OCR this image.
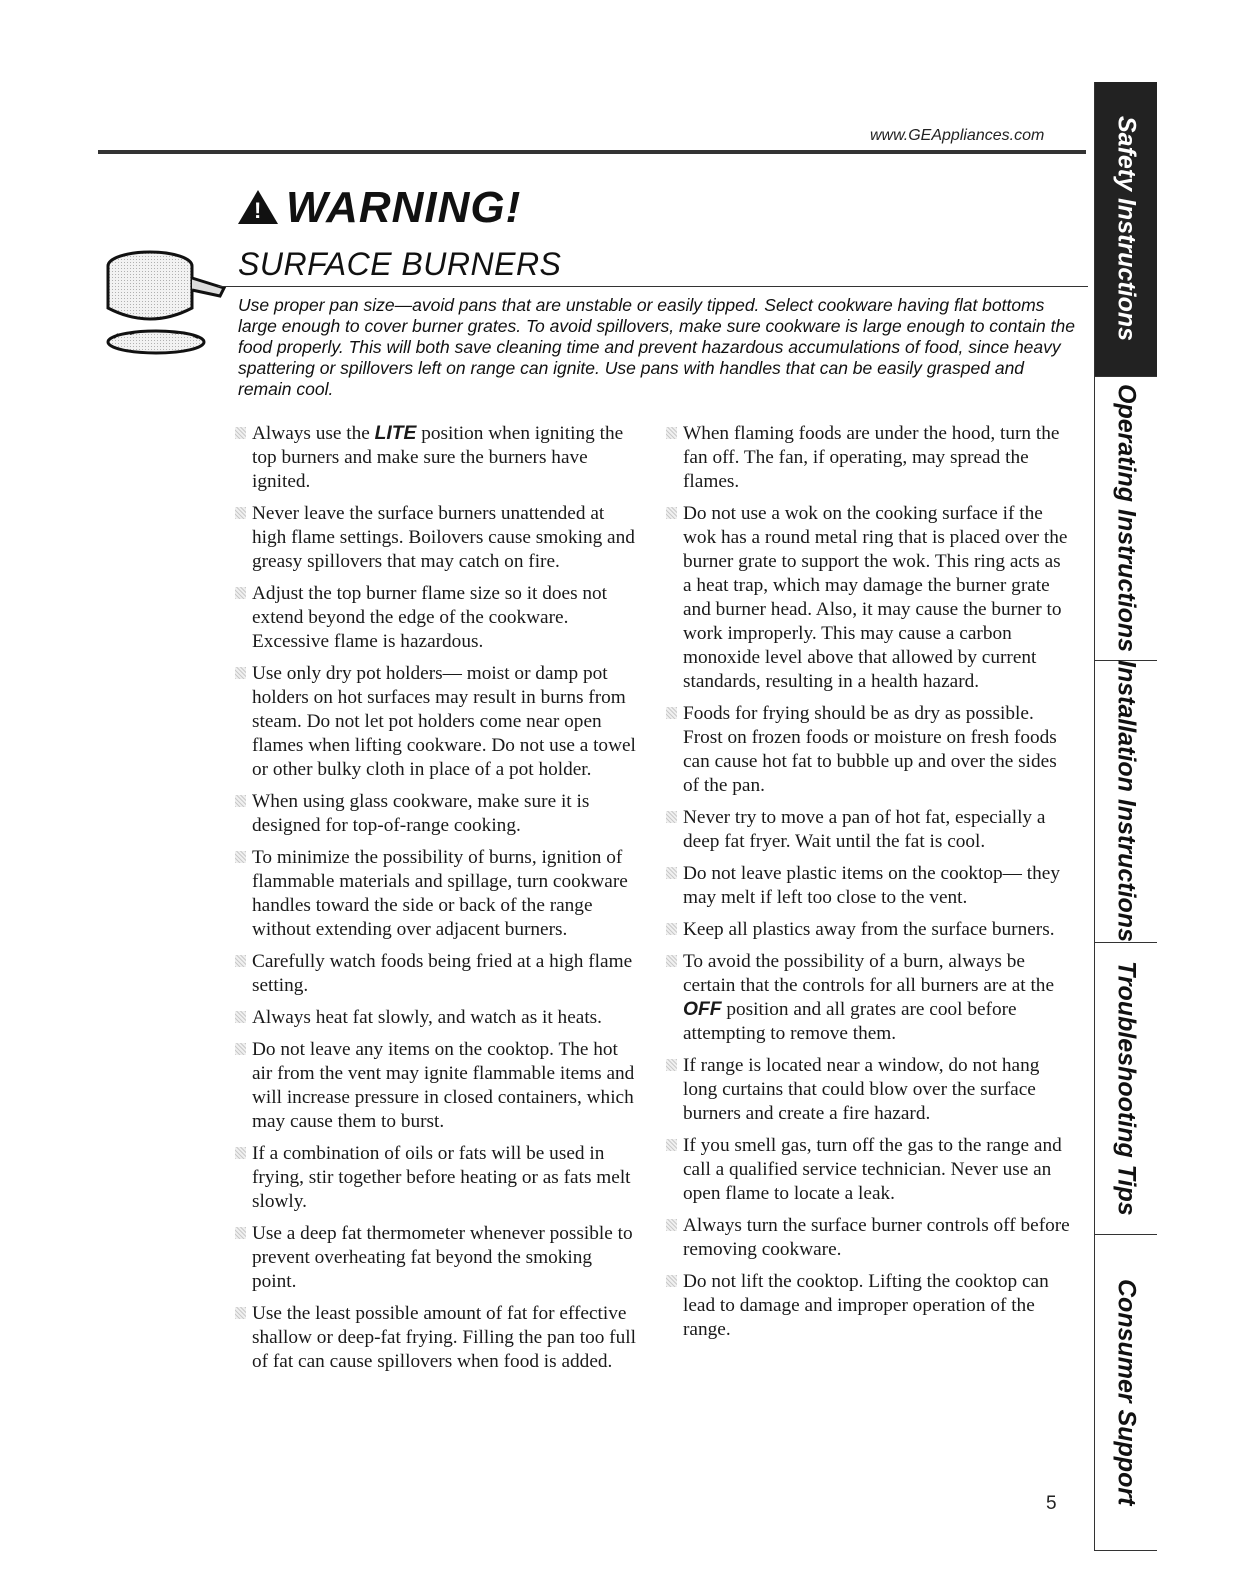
www.GEAppliances.com
!WARNING!
SURFACE BURNERS

Use proper pan size—avoid pans that are unstable or easily tipped. Select cookware having flat bottoms large enough to cover burner grates. To avoid spillovers, make sure cookware is large enough to contain the food properly. This will both save cleaning time and prevent hazardous accumulations of food, since heavy spattering or spillovers left on range can ignite. Use pans with handles that can be easily grasped and remain cool.

Always use the LITE position when igniting the top burners and make sure the burners have ignited.

Never leave the surface burners unattended at high flame settings. Boilovers cause smoking and greasy spillovers that may catch on fire.

Adjust the top burner flame size so it does not extend beyond the edge of the cookware. Excessive flame is hazardous.

Use only dry pot holders— moist or damp pot holders on hot surfaces may result in burns from steam. Do not let pot holders come near open flames when lifting cookware. Do not use a towel or other bulky cloth in place of a pot holder.

When using glass cookware, make sure it is designed for top-of-range cooking.

To minimize the possibility of burns, ignition of flammable materials and spillage, turn cookware handles toward the side or back of the range without extending over adjacent burners.

Carefully watch foods being fried at a high flame setting.

Always heat fat slowly, and watch as it heats.

Do not leave any items on the cooktop. The hot air from the vent may ignite flammable items and will increase pressure in closed containers, which may cause them to burst.

If a combination of oils or fats will be used in frying, stir together before heating or as fats melt slowly.

Use a deep fat thermometer whenever possible to prevent overheating fat beyond the smoking point.

Use the least possible amount of fat for effective shallow or deep-fat frying. Filling the pan too full of fat can cause spillovers when food is added.

When flaming foods are under the hood, turn the fan off. The fan, if operating, may spread the flames.

Do not use a wok on the cooking surface if the wok has a round metal ring that is placed over the burner grate to support the wok. This ring acts as a heat trap, which may damage the burner grate and burner head. Also, it may cause the burner to work improperly. This may cause a carbon monoxide level above that allowed by current standards, resulting in a health hazard.

Foods for frying should be as dry as possible. Frost on frozen foods or moisture on fresh foods can cause hot fat to bubble up and over the sides of the pan.

Never try to move a pan of hot fat, especially a deep fat fryer. Wait until the fat is cool.

Do not leave plastic items on the cooktop— they may melt if left too close to the vent.

Keep all plastics away from the surface burners.

To avoid the possibility of a burn, always be certain that the controls for all burners are at the OFF position and all grates are cool before attempting to remove them.

If range is located near a window, do not hang long curtains that could blow over the surface burners and create a fire hazard.

If you smell gas, turn off the gas to the range and call a qualified service technician. Never use an open flame to locate a leak.

Always turn the surface burner controls off before removing cookware.

Do not lift the cooktop. Lifting the cooktop can lead to damage and improper operation of the range.

Safety Instructions
Operating Instructions
Installation Instructions
Troubleshooting Tips
Consumer Support
5
